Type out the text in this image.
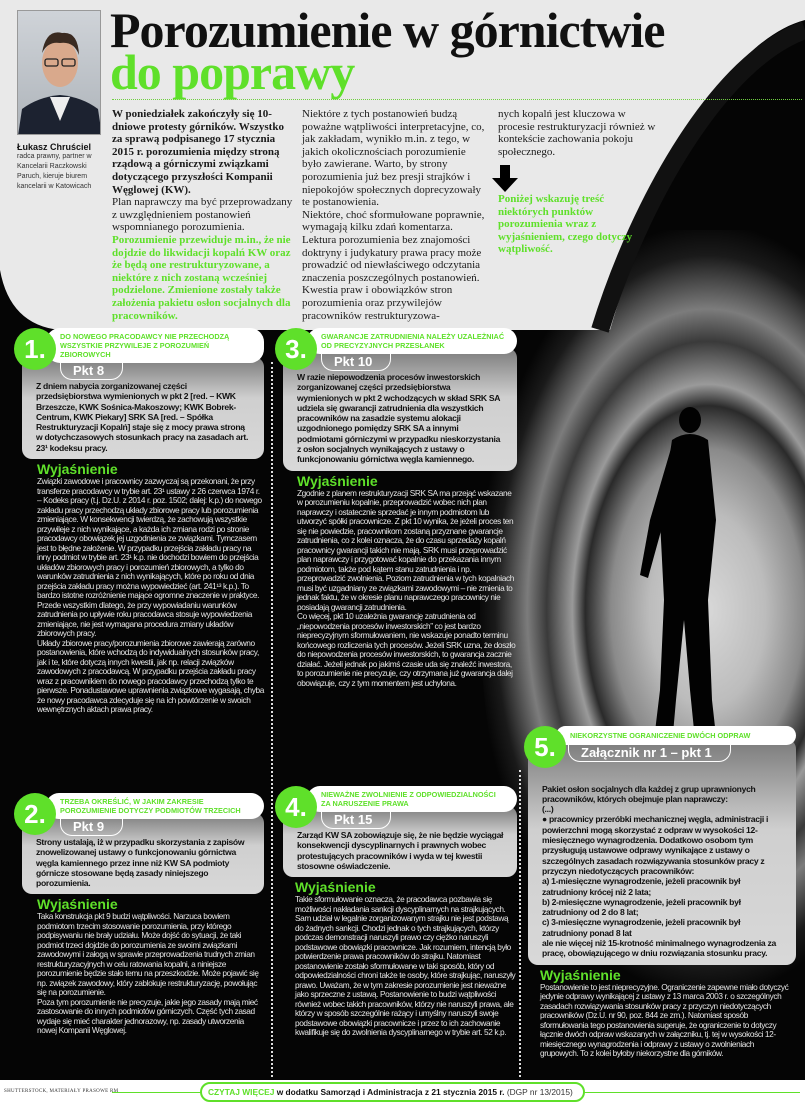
Łukasz Chruściel
radca prawny, partner w Kancelarii Raczkowski Paruch, kieruje biurem kancelarii w Katowicach
Porozumienie w górnictwie
do poprawy

W poniedziałek zakończyły się 10-dniowe protesty górników. Wszystko za sprawą podpisanego 17 stycznia 2015 r. porozumienia między stroną rządową a górniczymi związkami dotyczącego przyszłości Kompanii Węglowej (KW).

Plan naprawczy ma być przeprowadzany z uwzględnieniem postanowień wspomnianego porozumienia.

Porozumienie przewiduje m.in., że nie dojdzie do likwidacji kopalń KW oraz że będą one restrukturyzowane, a niektóre z nich zostaną wcześniej podzielone. Zmienione zostały także założenia pakietu osłon socjalnych dla pracowników.

Niektóre z tych postanowień budzą poważne wątpliwości interpretacyjne, co, jak zakładam, wynikło m.in. z tego, w jakich okolicznościach porozumienie było zawierane. Warto, by strony porozumienia już bez presji strajków i niepokojów społecznych doprecyzowały te postanowienia.

Niektóre, choć sformułowane poprawnie, wymagają kilku zdań komentarza. Lektura porozumienia bez znajomości doktryny i judykatury prawa pracy może prowadzić od niewłaściwego odczytania znaczenia poszczególnych postanowień. Kwestia praw i obowiązków stron porozumienia oraz przywilejów pracowników restrukturyzowa-

nych kopalń jest kluczowa w procesie restrukturyzacji również w kontekście zachowania pokoju społecznego.

Poniżej wskazuję treść niektórych punktów porozumienia wraz z wyjaśnieniem, czego dotyczy wątpliwość.

1.	DO NOWEGO PRACODAWCY NIE PRZECHODZĄ WSZYSTKIE PRZYWILEJE Z POROZUMIEŃ ZBIOROWYCH
Pkt 8
Z dniem nabycia zorganizowanej części przedsiębiorstwa wymienionych w pkt 2 [red. – KWK Brzeszcze, KWK Sośnica-Makoszowy; KWK Bobrek-Centrum, KWK Piekary] SRK SA [red. – Spółka Restrukturyzacji Kopalń] staje się z mocy prawa stroną w dotychczasowych stosunkach pracy na zasadach art. 23¹ kodeksu pracy.
Wyjaśnienie
Związki zawodowe i pracownicy zazwyczaj są przekonani, że przy transferze pracodawcy w trybie art. 23¹ ustawy z 26 czerwca 1974 r. – Kodeks pracy (t.j. Dz.U. z 2014 r. poz. 1502; dalej: k.p.) do nowego zakładu pracy przechodzą układy zbiorowe pracy lub porozumienia zmieniające. W konsekwencji twierdzą, że zachowują wszystkie przywileje z nich wynikające, a każda ich zmiana rodzi po stronie pracodawcy obowiązek jej uzgodnienia ze związkami. Tymczasem jest to błędne założenie. W przypadku przejścia zakładu pracy na inny podmiot w trybie art. 23¹ k.p. nie dochodzi bowiem do przejścia układów zbiorowych pracy i porozumień zbiorowych, a tylko do warunków zatrudnienia z nich wynikających, które po roku od dnia przejścia zakładu pracy można wypowiedzieć (art. 241¹³ k.p.). To bardzo istotne rozróżnienie mające ogromne znaczenie w praktyce. Przede wszystkim dlatego, że przy wypowiadaniu warunków zatrudnienia po upływie roku pracodawca stosuje wypowiedzenia zmieniające, nie jest wymagana procedura zmiany układów zbiorowych pracy.
Układy zbiorowe pracy/porozumienia zbiorowe zawierają zarówno postanowienia, które wchodzą do indywidualnych stosunków pracy, jak i te, które dotyczą innych kwestii, jak np. relacji związków zawodowych z pracodawcą. W przypadku przejścia zakładu pracy wraz z pracownikiem do nowego pracodawcy przechodzą tylko te pierwsze. Ponadustawowe uprawnienia związkowe wygasają, chyba że nowy pracodawca zdecyduje się na ich powtórzenie w swoich wewnętrznych aktach prawa pracy.
3.	GWARANCJE ZATRUDNIENIA NALEŻY UZALEŻNIAĆ OD PRECYZYJNYCH PRZESŁANEK
Pkt 10
W razie niepowodzenia procesów inwestorskich zorganizowanej części przedsiębiorstwa wymienionych w pkt 2 wchodzących w skład SRK SA udziela się gwarancji zatrudnienia dla wszystkich pracowników na zasadzie systemu alokacji uzgodnionego pomiędzy SRK SA a innymi podmiotami górniczymi w przypadku nieskorzystania z osłon socjalnych wynikających z ustawy o funkcjonowaniu górnictwa węgla kamiennego.
Wyjaśnienie
Zgodnie z planem restrukturyzacji SRK SA ma przejąć wskazane w porozumieniu kopalnie, przeprowadzić wobec nich plan naprawczy i ostatecznie sprzedać je innym podmiotom lub utworzyć spółki pracownicze. Z pkt 10 wynika, że jeżeli proces ten się nie powiedzie, pracownikom zostaną przyznane gwarancje zatrudnienia, co z kolei oznacza, że do czasu sprzedaży kopalń pracownicy gwarancji takich nie mają. SRK musi przeprowadzić plan naprawczy i przygotować kopalnie do przekazania innym podmiotom, także pod kątem stanu zatrudnienia i np. przeprowadzić zwolnienia. Poziom zatrudnienia w tych kopalniach musi być uzgadniany ze związkami zawodowymi – nie zmienia to jednak faktu, że w okresie planu naprawczego pracownicy nie posiadają gwarancji zatrudnienia.
Co więcej, pkt 10 uzależnia gwarancję zatrudnienia od „niepowodzenia procesów inwestorskich” co jest bardzo nieprecyzyjnym sformułowaniem, nie wskazuje ponadto terminu końcowego rozliczenia tych procesów. Jeżeli SRK uzna, że doszło do niepowodzenia procesów inwestorskich, to gwarancja zacznie działać. Jeżeli jednak po jakimś czasie uda się znaleźć inwestora, to porozumienie nie precyzuje, czy otrzymana już gwarancja dalej obowiązuje, czy z tym momentem jest uchylona.
5.	NIEKORZYSTNE OGRANICZENIE DWÓCH ODPRAW

Załącznik nr 1 – pkt 1

Pakiet osłon socjalnych dla każdej z grup uprawnionych pracowników, których obejmuje plan naprawczy:
(...)
● pracownicy przeróbki mechanicznej węgla, administracji i powierzchni mogą skorzystać z odpraw w wysokości 12-miesięcznego wynagrodzenia. Dodatkowo osobom tym przysługują ustawowe odprawy wynikające z ustawy o szczególnych zasadach rozwiązywania stosunków pracy z przyczyn niedotyczących pracowników:
a) 1-miesięczne wynagrodzenie, jeżeli pracownik był zatrudniony krócej niż 2 lata;
b) 2-miesięczne wynagrodzenie, jeżeli pracownik był zatrudniony od 2 do 8 lat;
c) 3-miesięczne wynagrodzenie, jeżeli pracownik był zatrudniony ponad 8 lat
ale nie więcej niż 15-krotność minimalnego wynagrodzenia za pracę, obowiązującego w dniu rozwiązania stosunku pracy.

Wyjaśnienie
Postanowienie to jest nieprecyzyjne. Ograniczenie zapewne miało dotyczyć jedynie odprawy wynikającej z ustawy z 13 marca 2003 r. o szczególnych zasadach rozwiązywania stosunków pracy z przyczyn niedotyczących pracowników (Dz.U. nr 90, poz. 844 ze zm.). Natomiast sposób sformułowania tego postanowienia sugeruje, że ograniczenie to dotyczy łącznie dwóch odpraw wskazanych w załączniku, tj. tej w wysokości 12-miesięcznego wynagrodzenia i odprawy z ustawy o zwolnieniach grupowych. To z kolei byłoby niekorzystne dla górników.
2.	TRZEBA OKREŚLIĆ, W JAKIM ZAKRESIE POROZUMIENIE DOTYCZY PODMIOTÓW TRZECICH
Pkt 9
Strony ustalają, iż w przypadku skorzystania z zapisów znowelizowanej ustawy o funkcjonowaniu górnictwa węgla kamiennego przez inne niż KW SA podmioty górnicze stosowane będą zasady niniejszego porozumienia.
Wyjaśnienie
Taka konstrukcja pkt 9 budzi wątpliwości. Narzuca bowiem podmiotom trzecim stosowanie porozumienia, przy którego podpisywaniu nie brały udziału. Może dojść do sytuacji, że taki podmiot trzeci dojdzie do porozumienia ze swoimi związkami zawodowymi i załogą w sprawie przeprowadzenia trudnych zmian restrukturyzacyjnych w celu ratowania kopalni, a niniejsze porozumienie będzie stało temu na przeszkodzie. Może pojawić się np. związek zawodowy, który zablokuje restrukturyzację, powołując się na porozumienie.
Poza tym porozumienie nie precyzuje, jakie jego zasady mają mieć zastosowanie do innych podmiotów górniczych. Część tych zasad wydaje się mieć charakter jednorazowy, np. zasady utworzenia nowej Kompanii Węglowej.
4.	NIEWAŻNE ZWOLNIENIE Z ODPOWIEDZIALNOŚCI ZA NARUSZENIE PRAWA
Pkt 15
Zarząd KW SA zobowiązuje się, że nie będzie wyciągał konsekwencji dyscyplinarnych i prawnych wobec protestujących pracowników i wyda w tej kwestii stosowne oświadczenie.
Wyjaśnienie
Takie sformułowanie oznacza, że pracodawca pozbawia się możliwości nakładania sankcji dyscyplinarnych na strajkujących. Sam udział w legalnie zorganizowanym strajku nie jest podstawą do żadnych sankcji. Chodzi jednak o tych strajkujących, którzy podczas demonstracji naruszyli prawo czy ciężko naruszyli podstawowe obowiązki pracownicze. Jak rozumiem, intencją było potwierdzenie prawa pracowników do strajku. Natomiast postanowienie zostało sformułowane w taki sposób, który od odpowiedzialności chroni także te osoby, które strajkując, naruszyły prawo. Uważam, że w tym zakresie porozumienie jest nieważne jako sprzeczne z ustawą. Postanowienie to budzi wątpliwości również wobec takich pracowników, którzy nie naruszyli prawa, ale którzy w sposób szczególnie rażący i umyślny naruszyli swoje podstawowe obowiązki pracownicze i przez to ich zachowanie kwalifikuje się do zwolnienia dyscyplinarnego w trybie art. 52 k.p.
SHUTTERSTOCK, MATERIAŁY PRASOWE RM	CZYTAJ WIĘCEJ w dodatku Samorząd i Administracja z 21 stycznia 2015 r. (DGP nr 13/2015)
